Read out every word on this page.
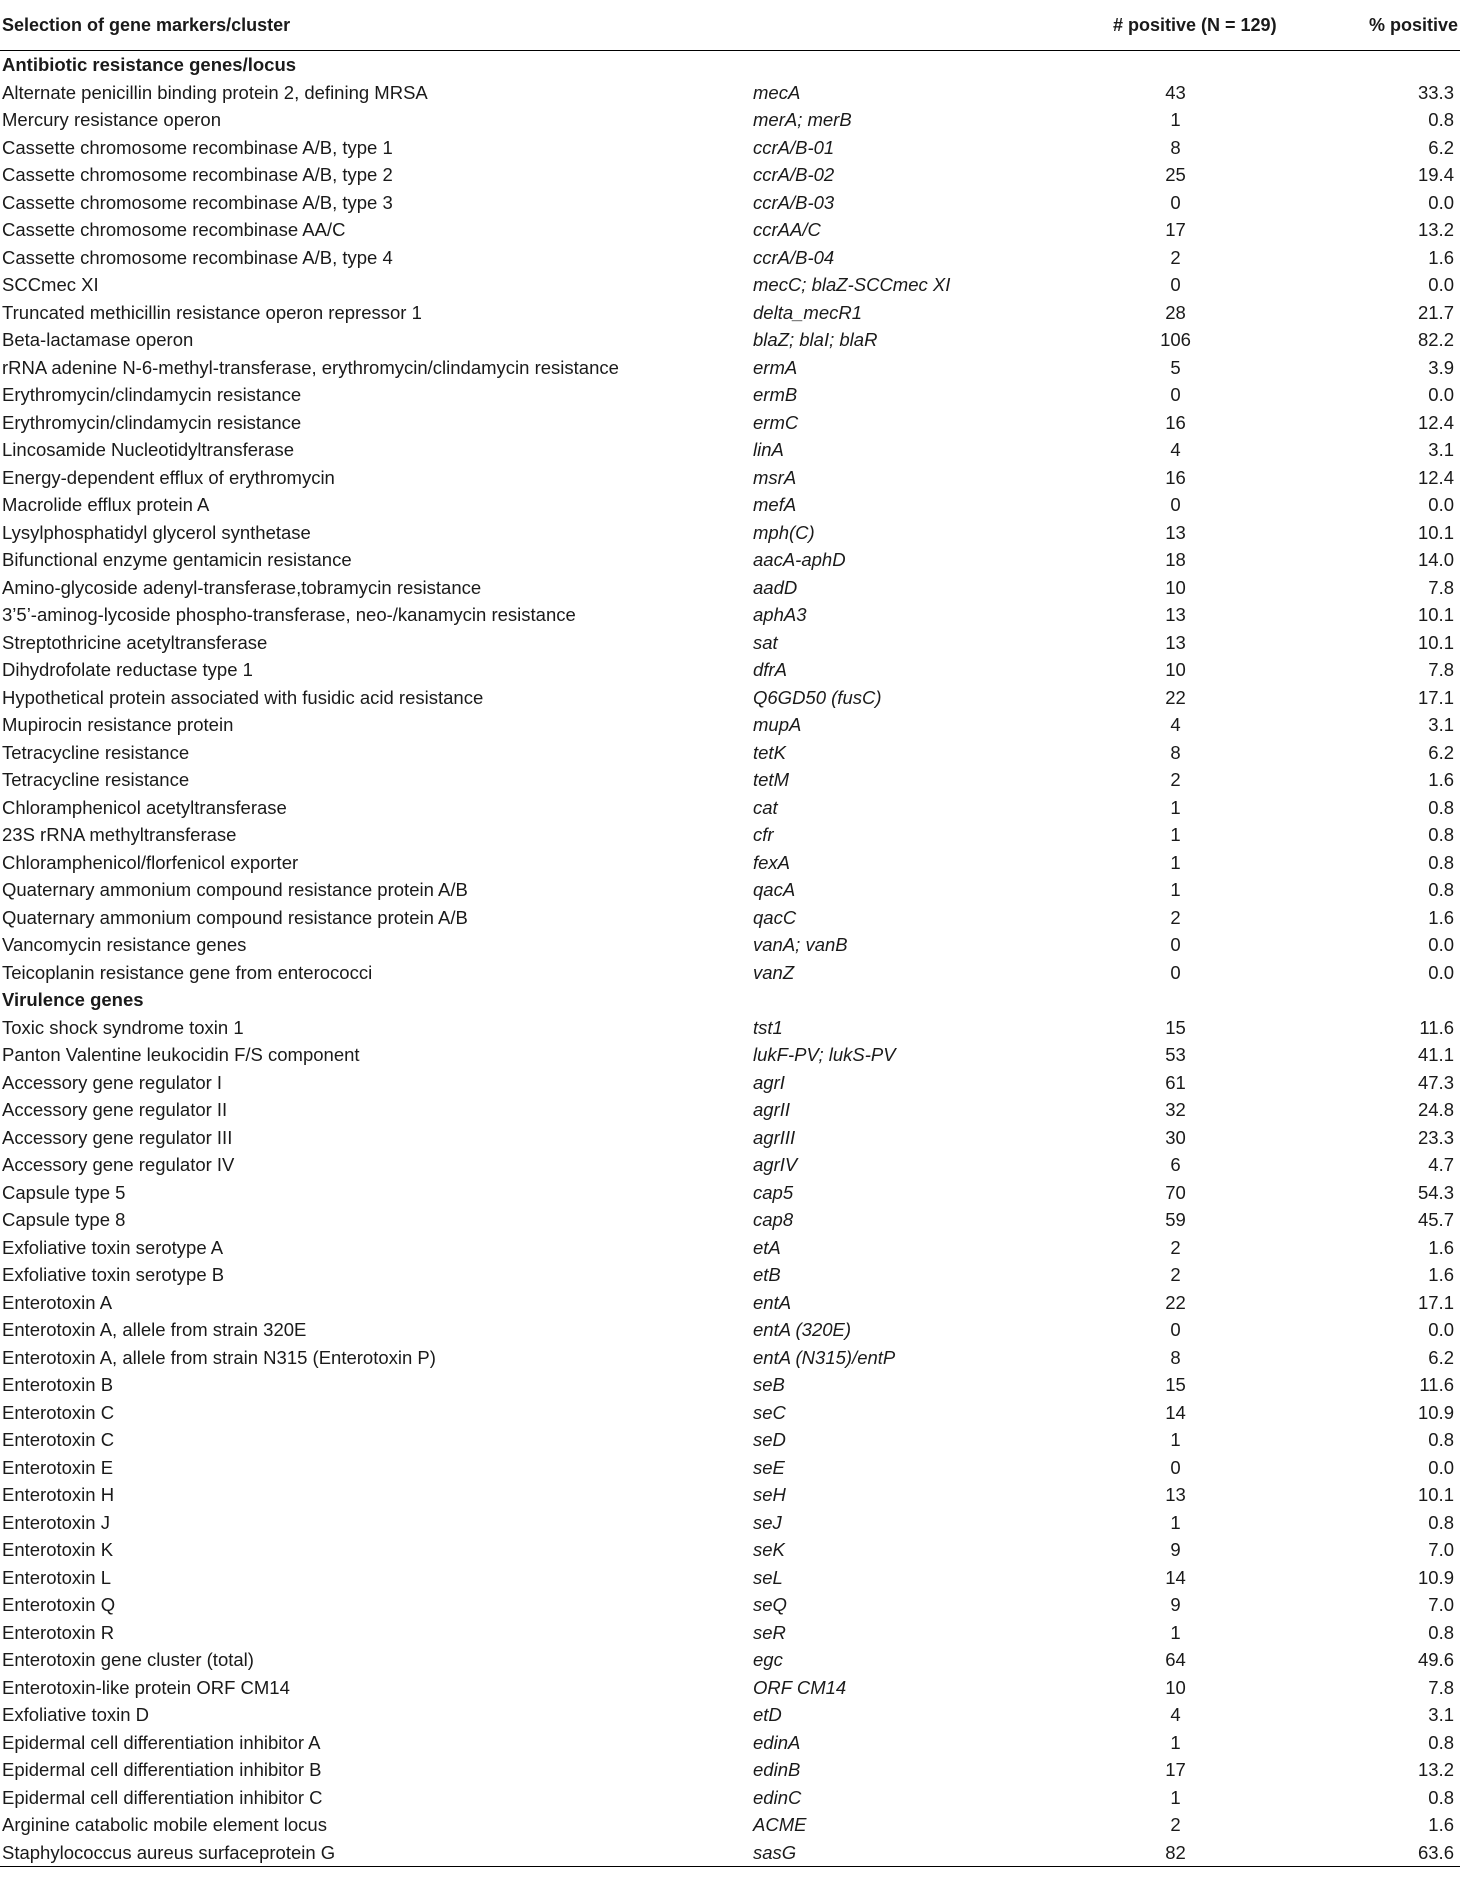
Selection of gene markers/cluster		# positive (N = 129)	% positive
Antibiotic resistance genes/locus			
Alternate penicillin binding protein 2, defining MRSA	mecA	43	33.3
Mercury resistance operon	merA; merB	1	0.8
Cassette chromosome recombinase A/B, type 1	ccrA/B-01	8	6.2
Cassette chromosome recombinase A/B, type 2	ccrA/B-02	25	19.4
Cassette chromosome recombinase A/B, type 3	ccrA/B-03	0	0.0
Cassette chromosome recombinase AA/C	ccrAA/C	17	13.2
Cassette chromosome recombinase A/B, type 4	ccrA/B-04	2	1.6
SCCmec XI	mecC; blaZ-SCCmec XI	0	0.0
Truncated methicillin resistance operon repressor 1	delta_mecR1	28	21.7
Beta-lactamase operon	blaZ; blaI; blaR	106	82.2
rRNA adenine N-6-methyl-transferase, erythromycin/clindamycin resistance	ermA	5	3.9
Erythromycin/clindamycin resistance	ermB	0	0.0
Erythromycin/clindamycin resistance	ermC	16	12.4
Lincosamide Nucleotidyltransferase	linA	4	3.1
Energy-dependent efflux of erythromycin	msrA	16	12.4
Macrolide efflux protein A	mefA	0	0.0
Lysylphosphatidyl glycerol synthetase	mph(C)	13	10.1
Bifunctional enzyme gentamicin resistance	aacA-aphD	18	14.0
Amino-glycoside adenyl-transferase,tobramycin resistance	aadD	10	7.8
3’5’-aminog-lycoside phospho-transferase, neo-/kanamycin resistance	aphA3	13	10.1
Streptothricine acetyltransferase	sat	13	10.1
Dihydrofolate reductase type 1	dfrA	10	7.8
Hypothetical protein associated with fusidic acid resistance	Q6GD50 (fusC)	22	17.1
Mupirocin resistance protein	mupA	4	3.1
Tetracycline resistance	tetK	8	6.2
Tetracycline resistance	tetM	2	1.6
Chloramphenicol acetyltransferase	cat	1	0.8
23S rRNA methyltransferase	cfr	1	0.8
Chloramphenicol/florfenicol exporter	fexA	1	0.8
Quaternary ammonium compound resistance protein A/B	qacA	1	0.8
Quaternary ammonium compound resistance protein A/B	qacC	2	1.6
Vancomycin resistance genes	vanA; vanB	0	0.0
Teicoplanin resistance gene from enterococci	vanZ	0	0.0
Virulence genes			
Toxic shock syndrome toxin 1	tst1	15	11.6
Panton Valentine leukocidin F/S component	lukF-PV; lukS-PV	53	41.1
Accessory gene regulator I	agrI	61	47.3
Accessory gene regulator II	agrII	32	24.8
Accessory gene regulator III	agrIII	30	23.3
Accessory gene regulator IV	agrIV	6	4.7
Capsule type 5	cap5	70	54.3
Capsule type 8	cap8	59	45.7
Exfoliative toxin serotype A	etA	2	1.6
Exfoliative toxin serotype B	etB	2	1.6
Enterotoxin A	entA	22	17.1
Enterotoxin A, allele from strain 320E	entA (320E)	0	0.0
Enterotoxin A, allele from strain N315 (Enterotoxin P)	entA (N315)/entP	8	6.2
Enterotoxin B	seB	15	11.6
Enterotoxin C	seC	14	10.9
Enterotoxin C	seD	1	0.8
Enterotoxin E	seE	0	0.0
Enterotoxin H	seH	13	10.1
Enterotoxin J	seJ	1	0.8
Enterotoxin K	seK	9	7.0
Enterotoxin L	seL	14	10.9
Enterotoxin Q	seQ	9	7.0
Enterotoxin R	seR	1	0.8
Enterotoxin gene cluster (total)	egc	64	49.6
Enterotoxin-like protein ORF CM14	ORF CM14	10	7.8
Exfoliative toxin D	etD	4	3.1
Epidermal cell differentiation inhibitor A	edinA	1	0.8
Epidermal cell differentiation inhibitor B	edinB	17	13.2
Epidermal cell differentiation inhibitor C	edinC	1	0.8
Arginine catabolic mobile element locus	ACME	2	1.6
Staphylococcus aureus surfaceprotein G	sasG	82	63.6
